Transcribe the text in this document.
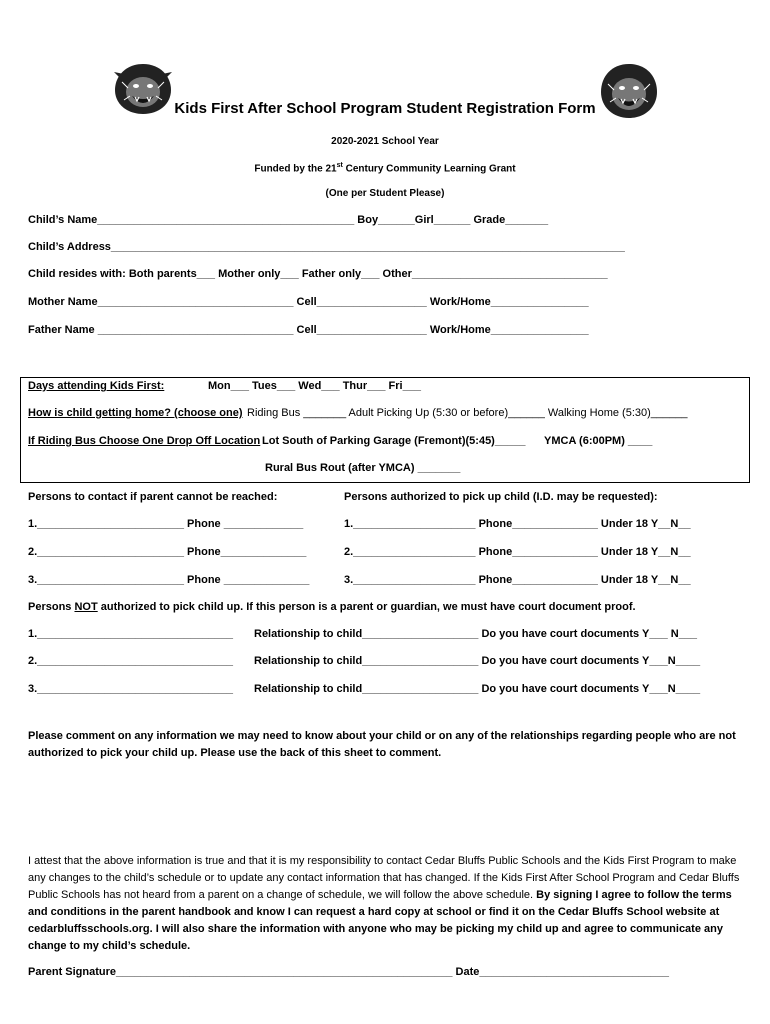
Kids First After School Program Student Registration Form
2020-2021 School Year
Funded by the 21st Century Community Learning Grant
(One per Student Please)
Child’s Name__________________________________________ Boy______Girl______ Grade_______
Child’s Address____________________________________________________________________________________
Child resides with: Both parents___ Mother only___ Father only___ Other________________________________
Mother Name________________________________ Cell__________________ Work/Home________________
Father Name ________________________________ Cell__________________ Work/Home________________
Days attending Kids First:	Mon___ Tues___ Wed___ Thur___ Fri___
How is child getting home? (choose one) Riding Bus _______ Adult Picking Up (5:30 or before)______ Walking Home (5:30)______
If Riding Bus Choose One Drop Off Location Lot South of Parking Garage (Fremont)(5:45)_____ YMCA (6:00PM) ____
Rural Bus Rout (after YMCA) _______
Persons to contact if parent cannot be reached:	Persons authorized to pick up child (I.D. may be requested):
1.________________________ Phone _____________
2.________________________ Phone______________
3.________________________ Phone ______________
1.____________________ Phone______________ Under 18 Y__N__
2.____________________ Phone______________ Under 18 Y__N__
3.____________________ Phone______________ Under 18 Y__N__
Persons NOT authorized to pick child up. If this person is a parent or guardian, we must have court document proof.
1.________________________________
2.________________________________
3.________________________________
Relationship to child___________________ Do you have court documents Y___ N___
Relationship to child___________________ Do you have court documents Y___N____
Relationship to child___________________ Do you have court documents Y___N____
Please comment on any information we may need to know about your child or on any of the relationships regarding people who are not authorized to pick your child up. Please use the back of this sheet to comment.
I attest that the above information is true and that it is my responsibility to contact Cedar Bluffs Public Schools and the Kids First Program to make any changes to the child’s schedule or to update any contact information that has changed. If the Kids First After School Program and Cedar Bluffs Public Schools has not heard from a parent on a change of schedule, we will follow the above schedule. By signing I agree to follow the terms and conditions in the parent handbook and know I can request a hard copy at school or find it on the Cedar Bluffs School website at cedarbluffsschools.org. I will also share the information with anyone who may be picking my child up and agree to communicate any change to my child’s schedule.
Parent Signature_______________________________________________________ Date_______________________________
